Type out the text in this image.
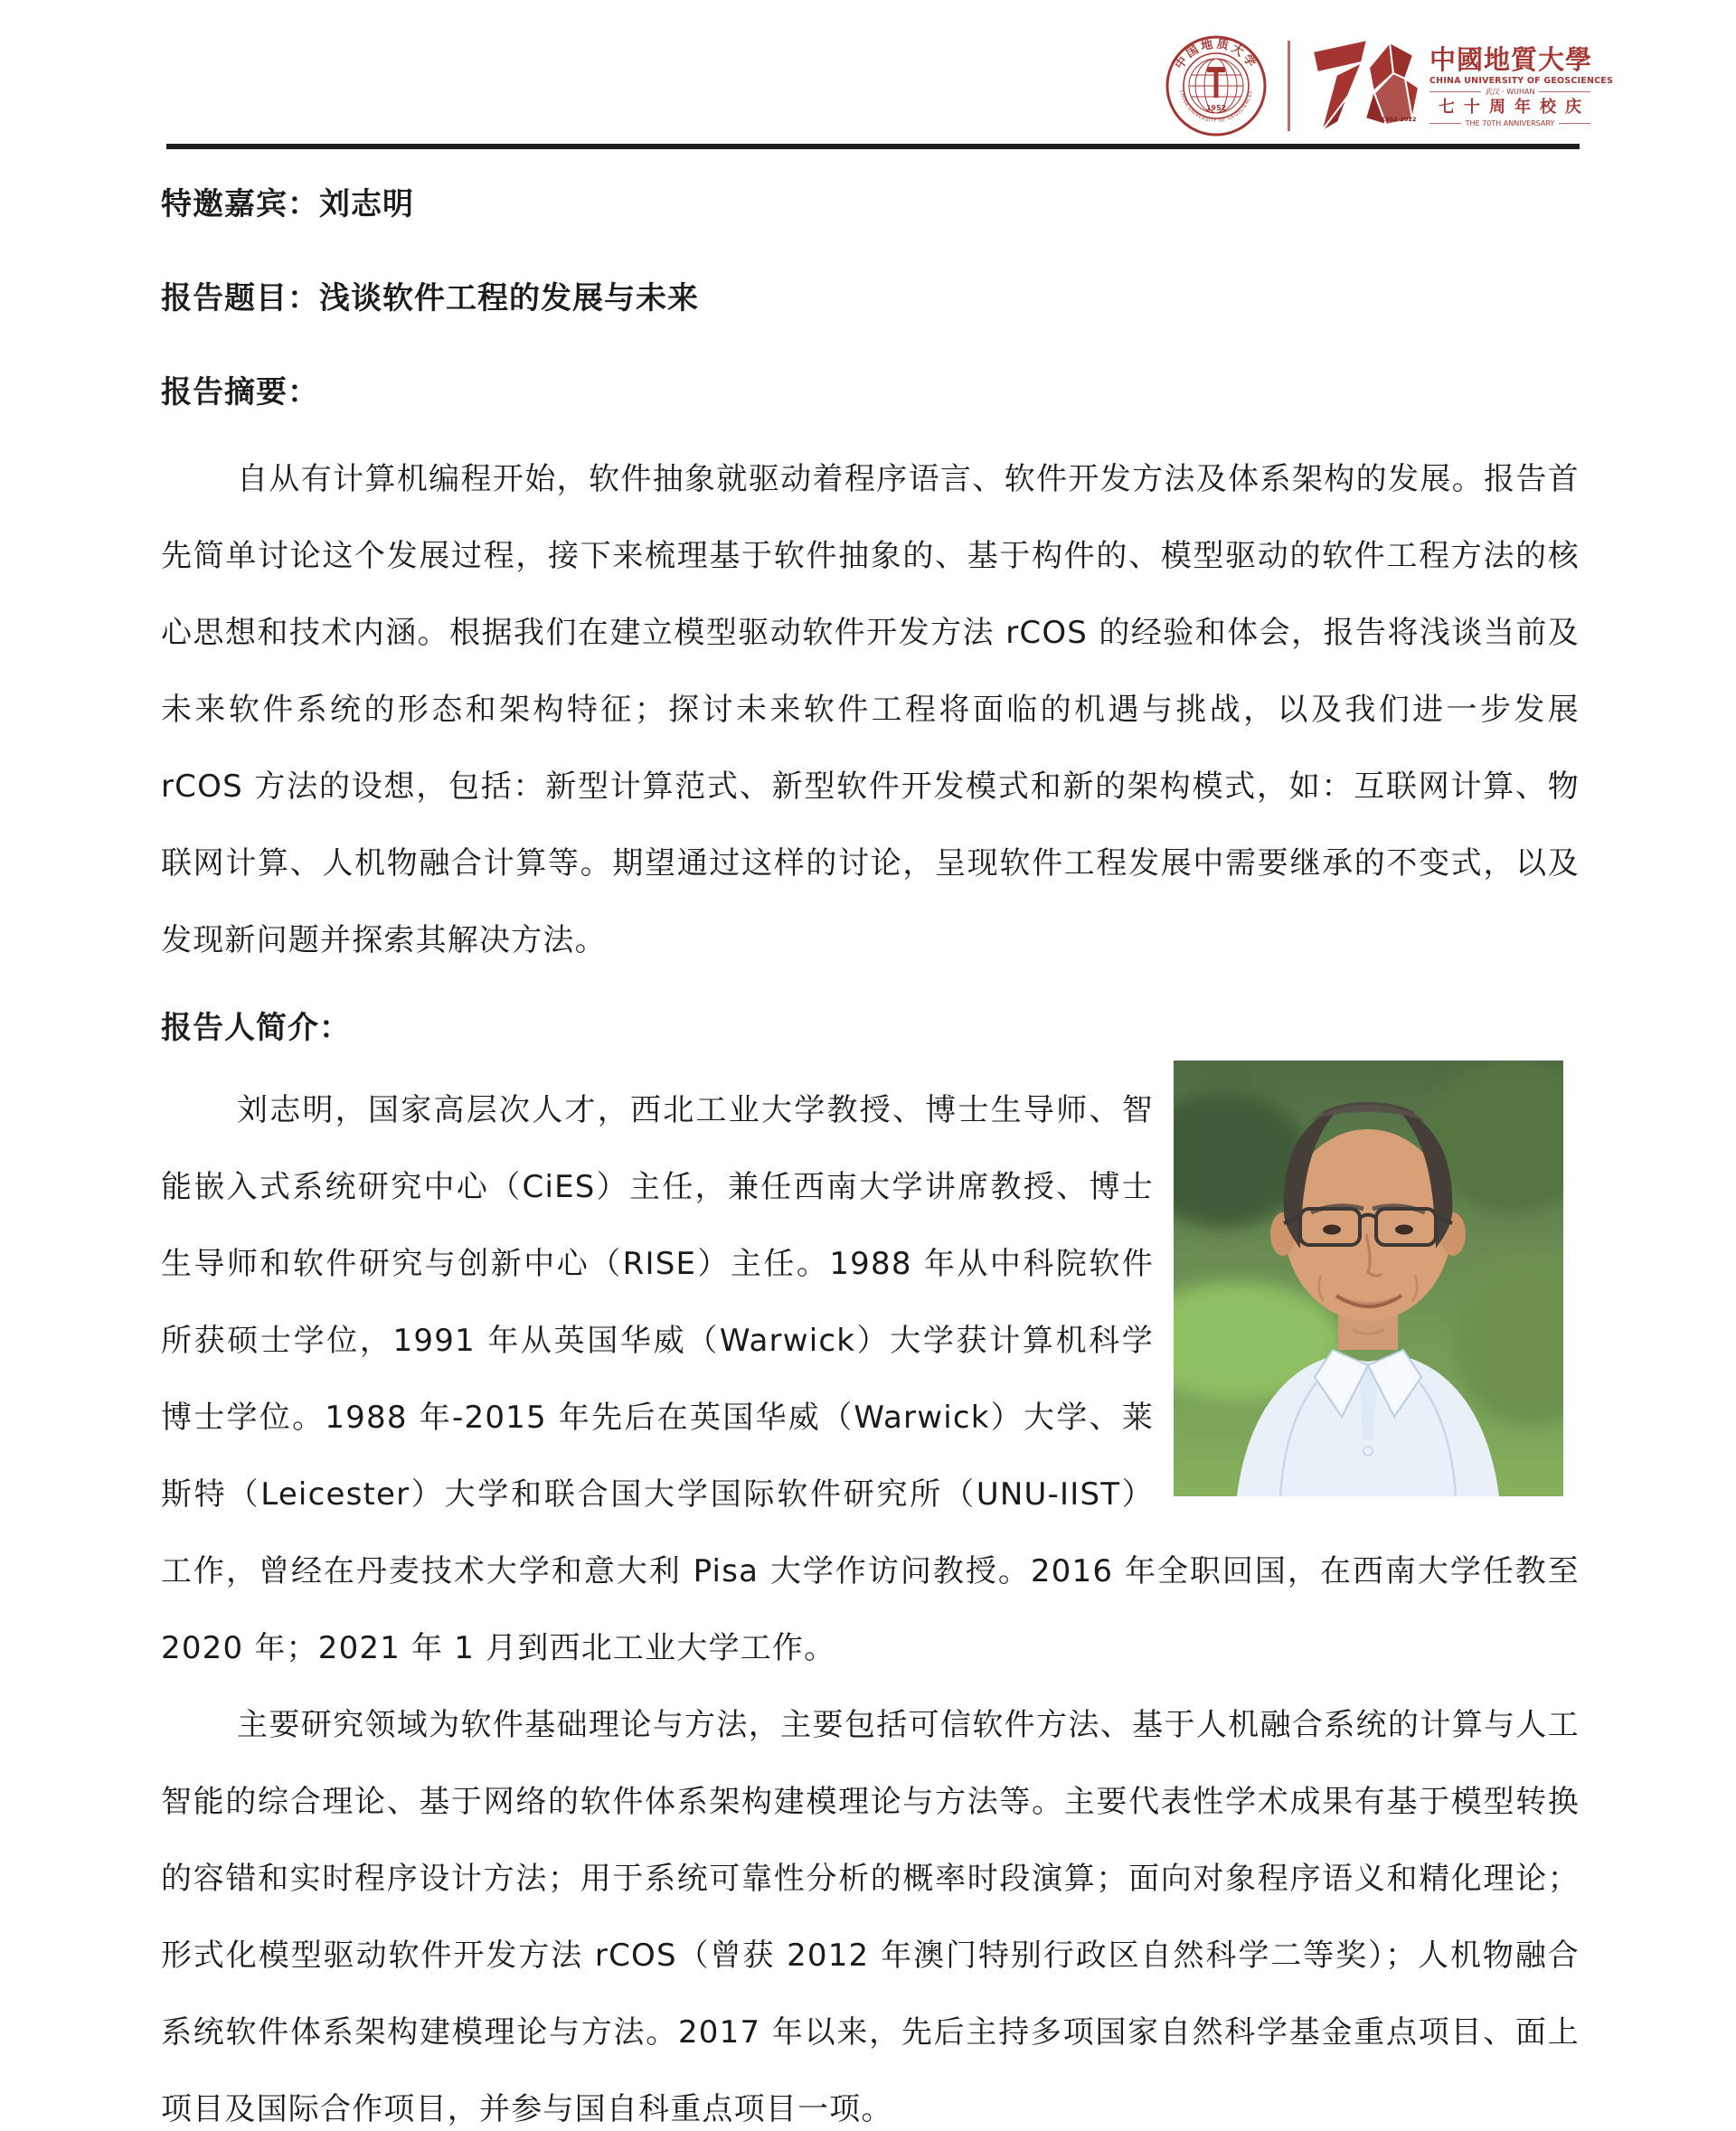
中国地质大学
CHINA UNIVERSITY OF GEOSCIENCES
1952
1952-2022
中國地質大學
CHINA UNIVERSITY OF GEOSCIENCES
武汉 · WUHAN
七十周年校庆
THE 70TH ANNIVERSARY

特邀嘉宾：刘志明

报告题目：浅谈软件工程的发展与未来

报告摘要：

自从有计算机编程开始，软件抽象就驱动着程序语言、软件开发方法及体系架构的发展。报告首先简单讨论这个发展过程，接下来梳理基于软件抽象的、基于构件的、模型驱动的软件工程方法的核心思想和技术内涵。根据我们在建立模型驱动软件开发方法 rCOS 的经验和体会，报告将浅谈当前及未来软件系统的形态和架构特征；探讨未来软件工程将面临的机遇与挑战，以及我们进一步发展 rCOS 方法的设想，包括：新型计算范式、新型软件开发模式和新的架构模式，如：互联网计算、物联网计算、人机物融合计算等。期望通过这样的讨论，呈现软件工程发展中需要继承的不变式，以及发现新问题并探索其解决方法。

报告人简介：

刘志明，国家高层次人才，西北工业大学教授、博士生导师、智能嵌入式系统研究中心（CiES）主任，兼任西南大学讲席教授、博士生导师和软件研究与创新中心（RISE）主任。1988 年从中科院软件所获硕士学位，1991 年从英国华威（Warwick）大学获计算机科学博士学位。1988 年-2015 年先后在英国华威（Warwick）大学、莱斯特（Leicester）大学和联合国大学国际软件研究所（UNU-IIST）工作，曾经在丹麦技术大学和意大利 Pisa 大学作访问教授。2016 年全职回国，在西南大学任教至 2020 年；2021 年 1 月到西北工业大学工作。

主要研究领域为软件基础理论与方法，主要包括可信软件方法、基于人机融合系统的计算与人工智能的综合理论、基于网络的软件体系架构建模理论与方法等。主要代表性学术成果有基于模型转换的容错和实时程序设计方法；用于系统可靠性分析的概率时段演算；面向对象程序语义和精化理论；形式化模型驱动软件开发方法 rCOS（曾获 2012 年澳门特别行政区自然科学二等奖）；人机物融合系统软件体系架构建模理论与方法。2017 年以来，先后主持多项国家自然科学基金重点项目、面上项目及国际合作项目，并参与国自科重点项目一项。
